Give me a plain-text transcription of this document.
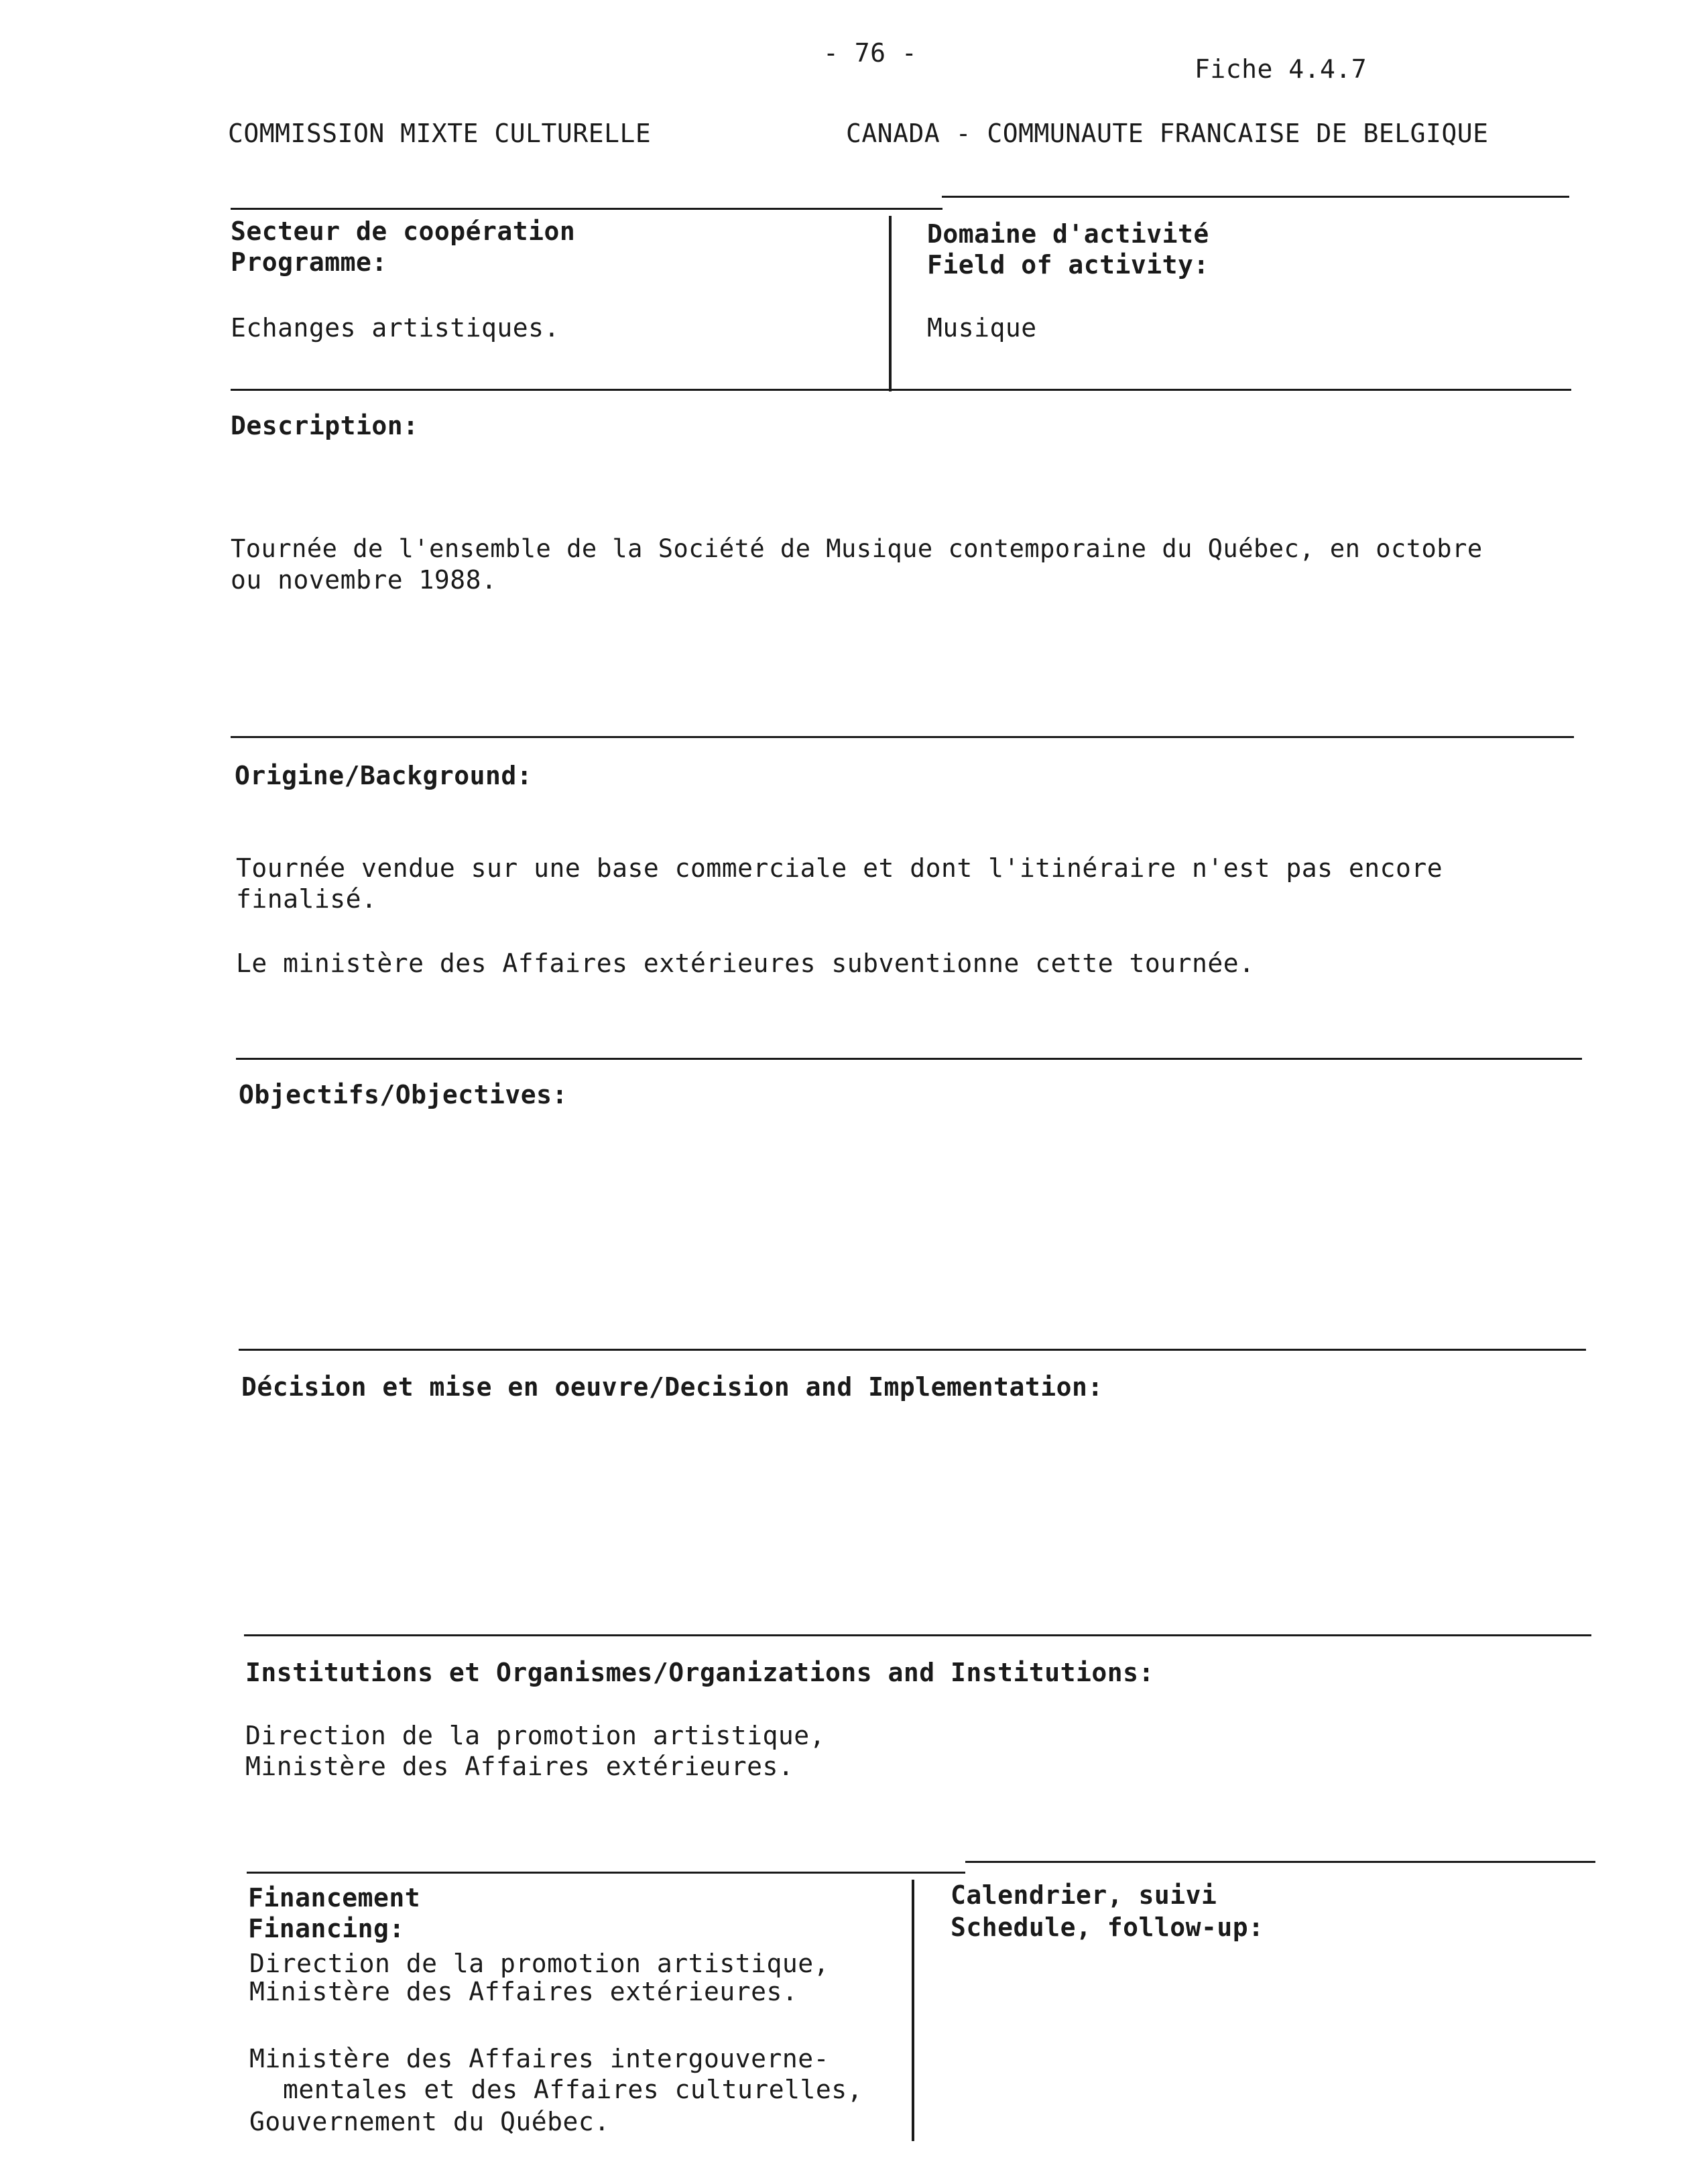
- 76 -
Fiche 4.4.7
COMMISSION MIXTE CULTURELLE	CANADA - COMMUNAUTE FRANCAISE DE BELGIQUE
Secteur de coopération
Programme:
Echanges artistiques.
Domaine d'activité
Field of activity:
Musique
Description:
Tournée de l'ensemble de la Société de Musique contemporaine du Québec, en octobre
ou novembre 1988.
Origine/Background:
Tournée vendue sur une base commerciale et dont l'itinéraire n'est pas encore
finalisé.
Le ministère des Affaires extérieures subventionne cette tournée.
Objectifs/Objectives:
Décision et mise en oeuvre/Decision and Implementation:
Institutions et Organismes/Organizations and Institutions:
Direction de la promotion artistique,
Ministère des Affaires extérieures.
Financement
Financing:
Direction de la promotion artistique,
Ministère des Affaires extérieures.
Ministère des Affaires intergouverne-
mentales et des Affaires culturelles,
Gouvernement du Québec.
Calendrier, suivi
Schedule, follow-up:
